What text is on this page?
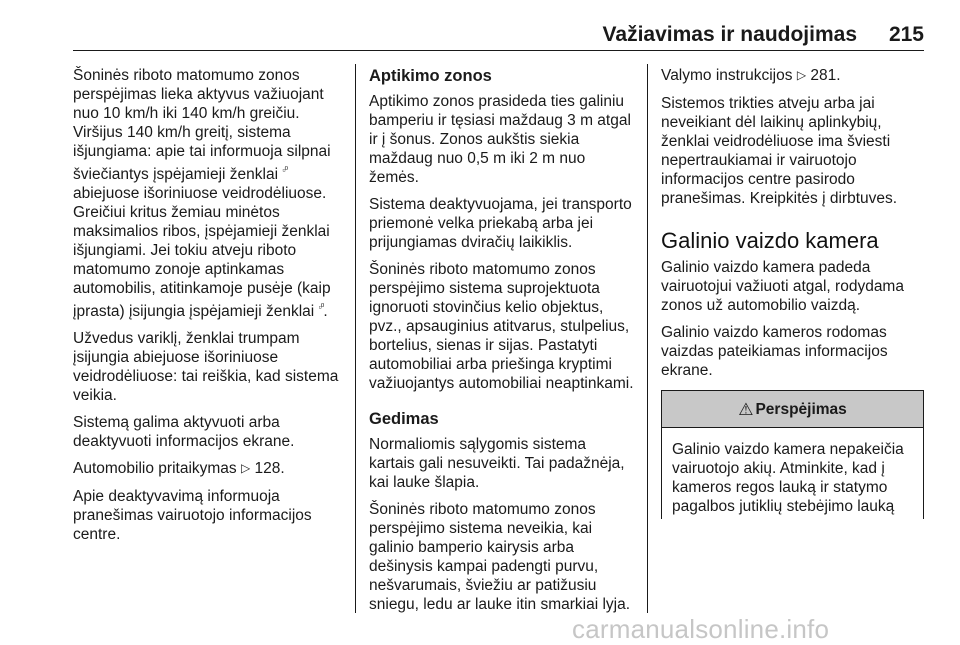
Važiavimas ir naudojimas 215

Šoninės riboto matomumo zonos perspėjimas lieka aktyvus važiuojant nuo 10 km/h iki 140 km/h greičiu. Viršijus 140 km/h greitį, sistema išjungiama: apie tai informuoja silpnai šviečiantys įspėjamieji ženklai $^{▫^0}$ abiejuose išoriniuose veidrodėliuose. Greičiui kritus žemiau minėtos maksimalios ribos, įspėjamieji ženklai išjungiami. Jei tokiu atveju riboto matomumo zonoje aptinkamas automobilis, atitinkamoje pusėje (kaip įprasta) įsijungia įspėjamieji ženklai $^{▫^0}$.

Užvedus variklį, ženklai trumpam įsijungia abiejuose išoriniuose veidrodėliuose: tai reiškia, kad sistema veikia.

Sistemą galima aktyvuoti arba deaktyvuoti informacijos ekrane.

Automobilio pritaikymas ▷ 128.

Apie deaktyvavimą informuoja pranešimas vairuotojo informacijos centre.

Aptikimo zonos

Aptikimo zonos prasideda ties galiniu bamperiu ir tęsiasi maždaug 3 m atgal ir į šonus. Zonos aukštis siekia maždaug nuo 0,5 m iki 2 m nuo žemės.

Sistema deaktyvuojama, jei transporto priemonė velka priekabą arba jei prijungiamas dviračių laikiklis.

Šoninės riboto matomumo zonos perspėjimo sistema suprojektuota ignoruoti stovinčius kelio objektus, pvz., apsauginius atitvarus, stulpelius, bortelius, sienas ir sijas. Pastatyti automobiliai arba priešinga kryptimi važiuojantys automobiliai neaptinkami.

Gedimas

Normaliomis sąlygomis sistema kartais gali nesuveikti. Tai padažnėja, kai lauke šlapia.

Šoninės riboto matomumo zonos perspėjimo sistema neveikia, kai galinio bamperio kairysis arba dešinysis kampai padengti purvu, nešvarumais, šviežiu ar patižusiu sniegu, ledu ar lauke itin smarkiai lyja.

Valymo instrukcijos ▷ 281.

Sistemos trikties atveju arba jai neveikiant dėl laikinų aplinkybių, ženklai veidrodėliuose ima šviesti nepertraukiamai ir vairuotojo informacijos centre pasirodo pranešimas. Kreipkitės į dirbtuves.

Galinio vaizdo kamera

Galinio vaizdo kamera padeda vairuotojui važiuoti atgal, rodydama zonos už automobilio vaizdą.

Galinio vaizdo kameros rodomas vaizdas pateikiamas informacijos ekrane.

⚠ Perspėjimas
Galinio vaizdo kamera nepakeičia vairuotojo akių. Atminkite, kad į kameros regos lauką ir statymo pagalbos jutiklių stebėjimo lauką
carmanualsonline.info
